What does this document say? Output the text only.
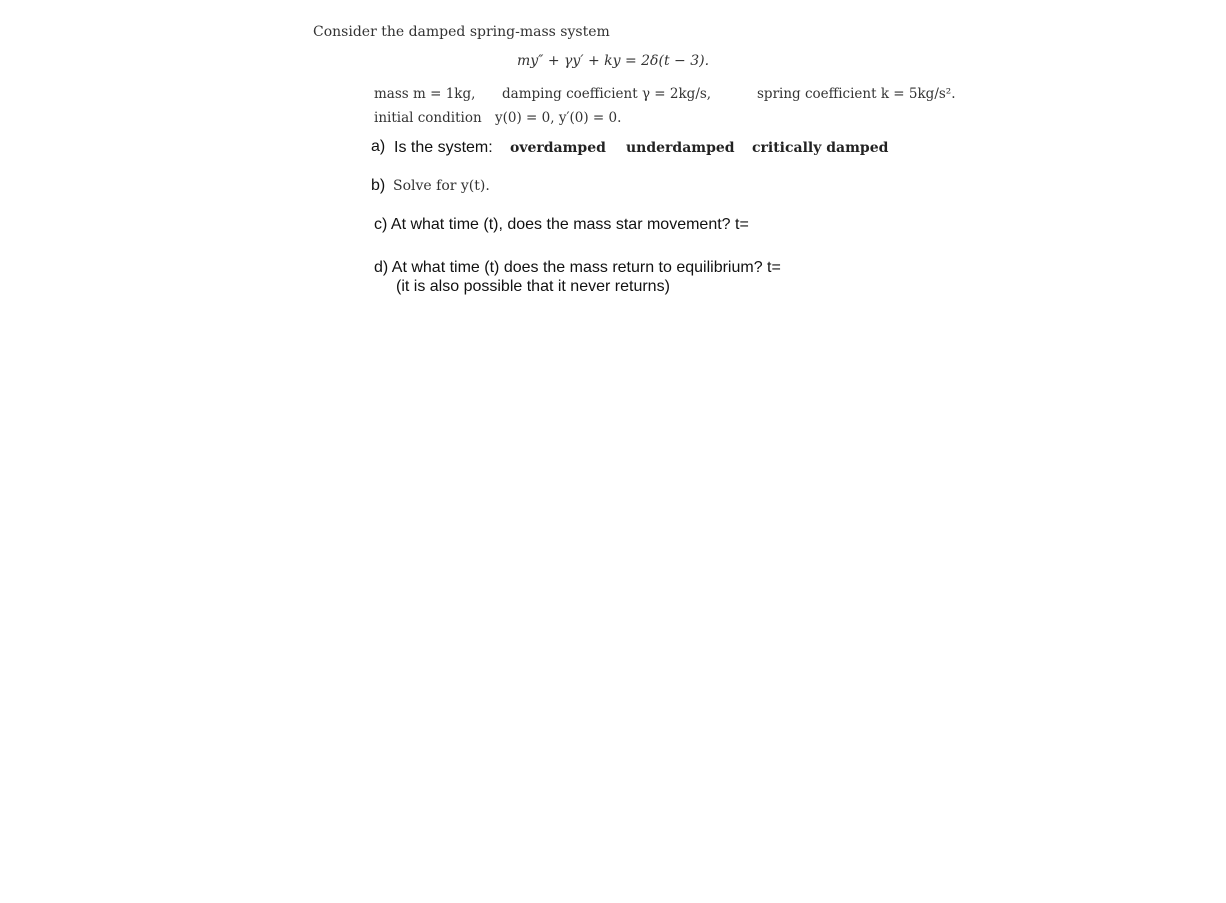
Consider the damped spring-mass system
my″ + γy′ + ky = 2δ(t − 3).
mass m = 1kg, damping coefficient γ = 2kg/s,	spring coefficient k = 5kg/s².
initial condition y(0) = 0, y′(0) = 0.
a) Is the system: overdamped underdamped critically damped
b) Solve for y(t).
c) At what time (t), does the mass star movement? t=
d) At what time (t) does the mass return to equilibrium? t=
(it is also possible that it never returns)
